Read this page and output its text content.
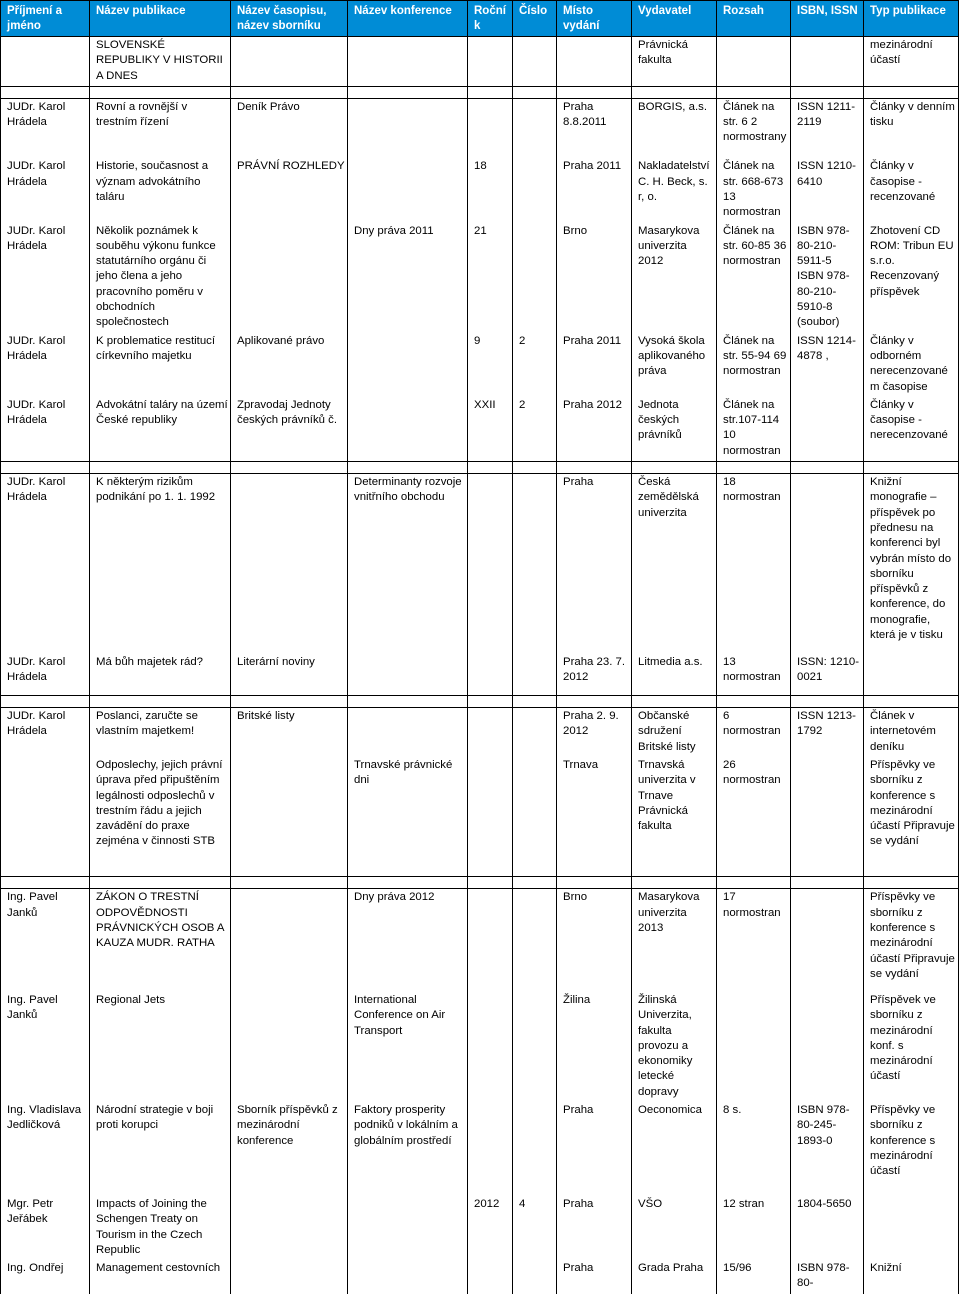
Příjmení a jméno	Název publikace	Název časopisu, název sborníku	Název konference	Ročník	Číslo	Místo vydání	Vydavatel	Rozsah	ISBN, ISSN	Typ publikace
	SLOVENSKÉ REPUBLIKY V HISTORII A DNES						Právnická fakulta			mezinárodní účastí

JUDr. Karol Hrádela	Rovní a rovnější v trestním řízení	Deník Právo				Praha 8.8.2011	BORGIS, a.s.	Článek na str. 6 2 normostrany	ISSN 1211-2119	Články v denním tisku
JUDr. Karol Hrádela	Historie, současnost a význam advokátního taláru	PRÁVNÍ ROZHLEDY		18		Praha 2011	Nakladatelství C. H. Beck, s. r, o.	Článek na str. 668-673 13 normostran	ISSN 1210-6410	Články v časopise - recenzované
JUDr. Karol Hrádela	Několik poznámek k souběhu výkonu funkce statutárního orgánu či jeho člena a jeho pracovního poměru v obchodních společnostech		Dny práva 2011	21		Brno	Masarykova univerzita 2012	Článek na str. 60-85 36 normostran	ISBN 978-80-210-5911-5 ISBN 978-80-210-5910-8 (soubor)	Zhotovení CD ROM: Tribun EU s.r.o. Recenzovaný příspěvek
JUDr. Karol Hrádela	K problematice restitucí církevního majetku	Aplikované právo		9	2	Praha 2011	Vysoká škola aplikovaného práva	Článek na str. 55-94 69 normostran	ISSN 1214-4878 ,	Články v odborném nerecenzovaném časopise
JUDr. Karol Hrádela	Advokátní taláry na území České republiky	Zpravodaj Jednoty českých právníků č.		XXII	2	Praha 2012	Jednota českých právníků	Článek na str.107-114 10 normostran		Články v časopise - nerecenzované

JUDr. Karol Hrádela	K některým rizikům podnikání po 1. 1. 1992		Determinanty rozvoje vnitřního obchodu			Praha	Česká zemědělská univerzita	18 normostran		Knižní monografie – příspěvek po přednesu na konferenci byl vybrán místo do sborníku příspěvků z konference, do monografie, která je v tisku
JUDr. Karol Hrádela	Má bůh majetek rád?	Literární noviny				Praha 23. 7. 2012	Litmedia a.s.	13 normostran	ISSN: 1210-0021	

JUDr. Karol Hrádela	Poslanci, zaručte se vlastním majetkem!	Britské listy				Praha 2. 9. 2012	Občanské sdružení Britské listy	6 normostran	ISSN 1213-1792	Článek v internetovém deníku
	Odposlechy, jejich právní úprava před připuštěním legálnosti odposlechů v trestním řádu a jejich zavádění do praxe zejména v činnosti STB		Trnavské právnické dni			Trnava	Trnavská univerzita v Trnave Právnická fakulta	26 normostran		Příspěvky ve sborníku z konference s mezinárodní účastí Připravuje se vydání

Ing. Pavel Janků	ZÁKON O TRESTNÍ ODPOVĚDNOSTI PRÁVNICKÝCH OSOB A KAUZA MUDR. RATHA		Dny práva 2012			Brno	Masarykova univerzita 2013	17 normostran		Příspěvky ve sborníku z konference s mezinárodní účastí Připravuje se vydání
Ing. Pavel Janků	Regional Jets		International Conference on Air Transport			Žilina	Žilinská Univerzita, fakulta provozu a ekonomiky letecké dopravy			Příspěvek ve sborníku z mezinárodní konf. s mezinárodní účastí
Ing. Vladislava Jedličková	Národní strategie v boji proti korupci	Sborník příspěvků z mezinárodní konference	Faktory prosperity podniků v lokálním a globálním prostředí			Praha	Oeconomica	8 s.	ISBN 978-80-245-1893-0	Příspěvky ve sborníku z konference s mezinárodní účastí
Mgr. Petr Jeřábek	Impacts of Joining the Schengen Treaty on Tourism in the Czech Republic			2012	4	Praha	VŠO	12 stran	1804-5650	
Ing. Ondřej	Management cestovních					Praha	Grada Praha	15/96	ISBN 978-80-	Knižní
